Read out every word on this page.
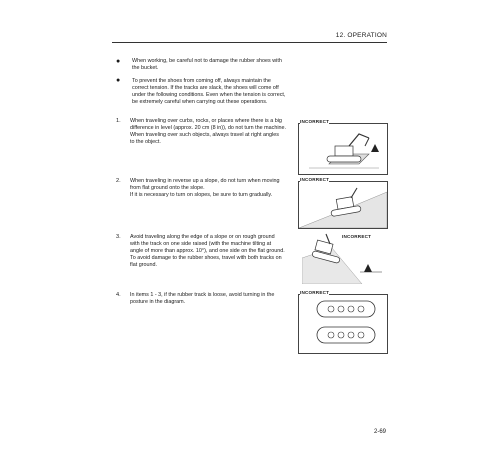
12. OPERATION
● When working, be careful not to damage the rubber shoes with
the bucket.
● To prevent the shoes from coming off, always maintain the
correct tension. If the tracks are slack, the shoes will come off
under the following conditions. Even when the tension is correct,
be extremely careful when carrying out these operations.
1. When traveling over curbs, rocks, or places where there is a big
difference in level (approx. 20 cm (8 in)), do not turn the machine.
When traveling over such objects, always travel at right angles
to the object.
INCORRECT
2. When traveling in reverse up a slope, do not turn when moving
from flat ground onto the slope.
If it is necessary to turn on slopes, be sure to turn gradually.
INCORRECT
3. Avoid traveling along the edge of a slope or on rough ground
with the track on one side raised (with the machine tilting at
angle of more than approx. 10°), and one side on the flat ground.
To avoid damage to the rubber shoes, travel with both tracks on
flat ground.
INCORRECT
4. In items 1 - 3, if the rubber track is loose, avoid turning in the
posture in the diagram.
INCORRECT
2-69
